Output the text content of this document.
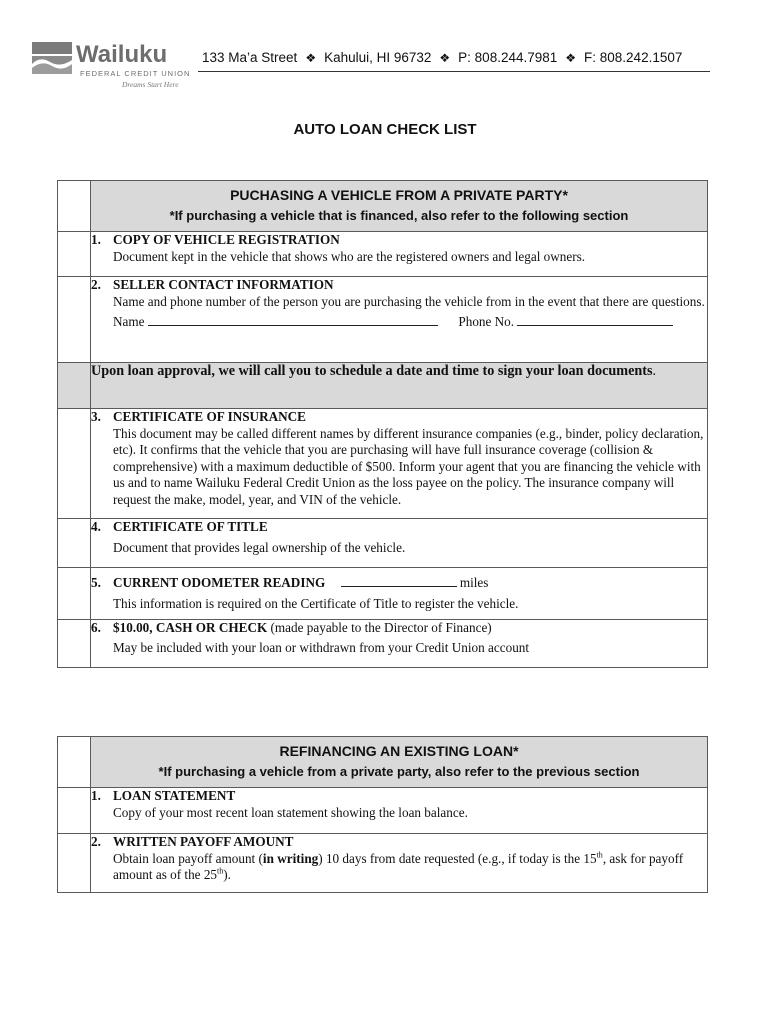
Wailuku
FEDERAL CREDIT UNION
Dreams Start Here
133 Ma’a Street ❖ Kahului, HI 96732 ❖ P: 808.244.7981 ❖ F: 808.242.1507
AUTO LOAN CHECK LIST

	PUCHASING A VEHICLE FROM A PRIVATE PARTY*
*If purchasing a vehicle that is financed, also refer to the following section

	1. COPY OF VEHICLE REGISTRATION
Document kept in the vehicle that shows who are the registered owners and legal owners.

	2. SELLER CONTACT INFORMATION
Name and phone number of the person you are purchasing the vehicle from in the event that there are questions.
Name Phone No.

	Upon loan approval, we will call you to schedule a date and time to sign your loan documents.
	3. CERTIFICATE OF INSURANCE
This document may be called different names by different insurance companies (e.g., binder, policy declaration, etc). It confirms that the vehicle that you are purchasing will have full insurance coverage (collision & comprehensive) with a maximum deductible of $500. Inform your agent that you are financing the vehicle with us and to name Wailuku Federal Credit Union as the loss payee on the policy. The insurance company will request the make, model, year, and VIN of the vehicle.

	4. CERTIFICATE OF TITLE
Document that provides legal ownership of the vehicle.

	5. CURRENT ODOMETER READING miles
This information is required on the Certificate of Title to register the vehicle.

	6. $10.00, CASH OR CHECK (made payable to the Director of Finance)
May be included with your loan or withdrawn from your Credit Union account

	REFINANCING AN EXISTING LOAN*
*If purchasing a vehicle from a private party, also refer to the previous section

	1. LOAN STATEMENT
Copy of your most recent loan statement showing the loan balance.

	2. WRITTEN PAYOFF AMOUNT
Obtain loan payoff amount (in writing) 10 days from date requested (e.g., if today is the 15th, ask for payoff amount as of the 25th).
